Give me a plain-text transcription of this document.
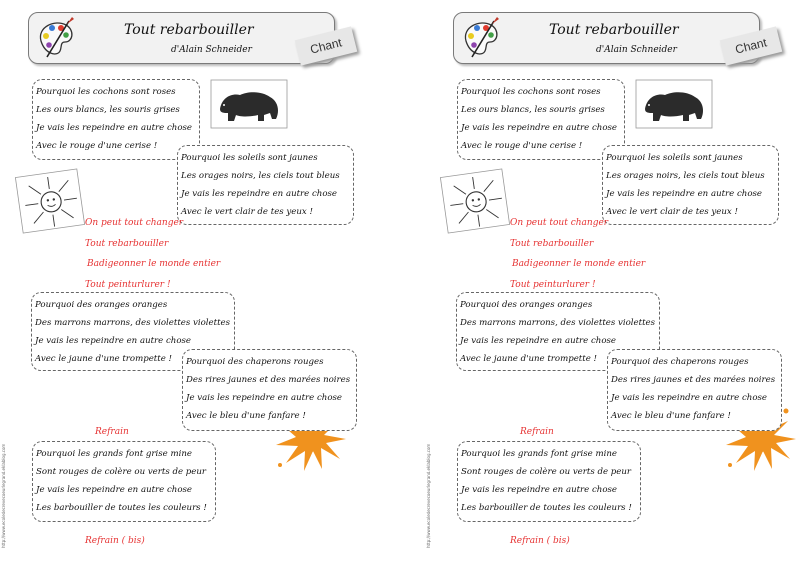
Tout rebarbouiller
d'Alain Schneider	Chant
Pourquoi les cochons sont roses
Les ours blancs, les souris grises
Je vais les repeindre en autre chose
Avec le rouge d'une cerise !
Pourquoi les soleils sont jaunes
Les orages noirs, les ciels tout bleus
Je vais les repeindre en autre chose
Avec le vert clair de tes yeux !
On peut tout changer
Tout rebarbouiller
Badigeonner le monde entier
Tout peinturlurer !
Pourquoi des oranges oranges
Des marrons marrons, des violettes violettes
Je vais les repeindre en autre chose
Avec le jaune d'une trompette !	Pourquoi des chaperons rouges
Des rires jaunes et des marées noires
Je vais les repeindre en autre chose
Avec le bleu d'une fanfare !
Refrain
Pourquoi les grands font grise mine
Sont rouges de colère ou verts de peur
Je vais les repeindre en autre chose
Les barbouiller de toutes les couleurs !
Refrain ( bis)
http://www.ecoledecrevecoeurlegrand.eklablog.com
Tout rebarbouiller
d'Alain Schneider	Chant
Pourquoi les cochons sont roses
Les ours blancs, les souris grises
Je vais les repeindre en autre chose
Avec le rouge d'une cerise !
Pourquoi les soleils sont jaunes
Les orages noirs, les ciels tout bleus
Je vais les repeindre en autre chose
Avec le vert clair de tes yeux !
On peut tout changer
Tout rebarbouiller
Badigeonner le monde entier
Tout peinturlurer !
Pourquoi des oranges oranges
Des marrons marrons, des violettes violettes
Je vais les repeindre en autre chose
Avec le jaune d'une trompette !	Pourquoi des chaperons rouges
Des rires jaunes et des marées noires
Je vais les repeindre en autre chose
Avec le bleu d'une fanfare !
Refrain
Pourquoi les grands font grise mine
Sont rouges de colère ou verts de peur
Je vais les repeindre en autre chose
Les barbouiller de toutes les couleurs !
Refrain ( bis)
http://www.ecoledecrevecoeurlegrand.eklablog.com
